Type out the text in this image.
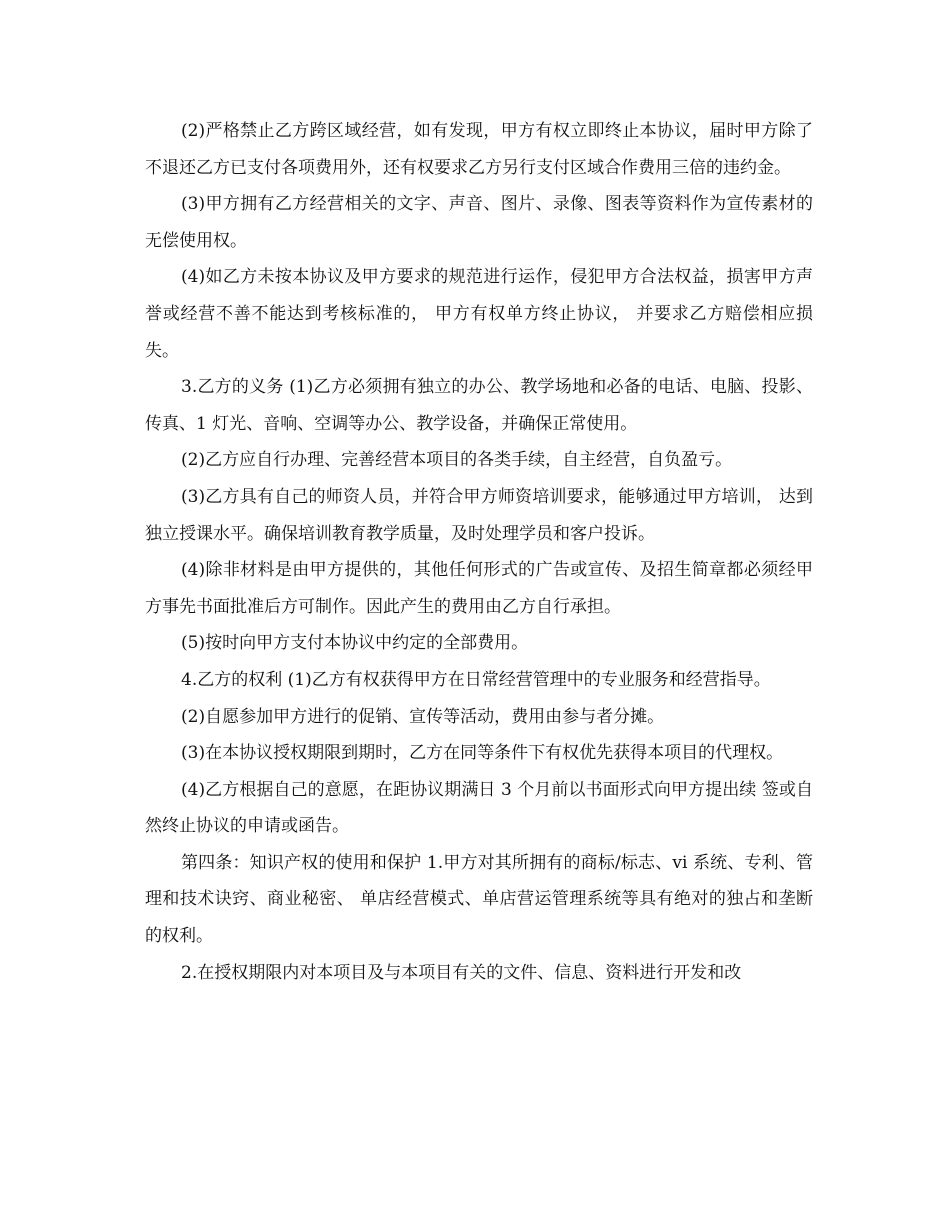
(2)严格禁止乙方跨区域经营，如有发现，甲方有权立即终止本协议，届时甲方除了 不退还乙方已支付各项费用外，还有权要求乙方另行支付区域合作费用三倍的违约金。

(3)甲方拥有乙方经营相关的文字、声音、图片、录像、图表等资料作为宣传素材的无偿使用权。

(4)如乙方未按本协议及甲方要求的规范进行运作，侵犯甲方合法权益，损害甲方声 誉或经营不善不能达到考核标准的， 甲方有权单方终止协议， 并要求乙方赔偿相应损失。

3.乙方的义务 (1)乙方必须拥有独立的办公、教学场地和必备的电话、电脑、投影、传真、1 灯光、音响、空调等办公、教学设备，并确保正常使用。

(2)乙方应自行办理、完善经营本项目的各类手续，自主经营，自负盈亏。

(3)乙方具有自己的师资人员，并符合甲方师资培训要求，能够通过甲方培训， 达到独立授课水平。确保培训教育教学质量，及时处理学员和客户投诉。

(4)除非材料是由甲方提供的，其他任何形式的广告或宣传、及招生简章都必须经甲 方事先书面批准后方可制作。因此产生的费用由乙方自行承担。

(5)按时向甲方支付本协议中约定的全部费用。

4.乙方的权利 (1)乙方有权获得甲方在日常经营管理中的专业服务和经营指导。

(2)自愿参加甲方进行的促销、宣传等活动，费用由参与者分摊。

(3)在本协议授权期限到期时，乙方在同等条件下有权优先获得本项目的代理权。

(4)乙方根据自己的意愿，在距协议期满日 3 个月前以书面形式向甲方提出续 签或自然终止协议的申请或函告。

第四条：知识产权的使用和保护 1.甲方对其所拥有的商标/标志、vi 系统、专利、管理和技术诀窍、商业秘密、 单店经营模式、单店营运管理系统等具有绝对的独占和垄断的权利。

2.在授权期限内对本项目及与本项目有关的文件、信息、资料进行开发和改
